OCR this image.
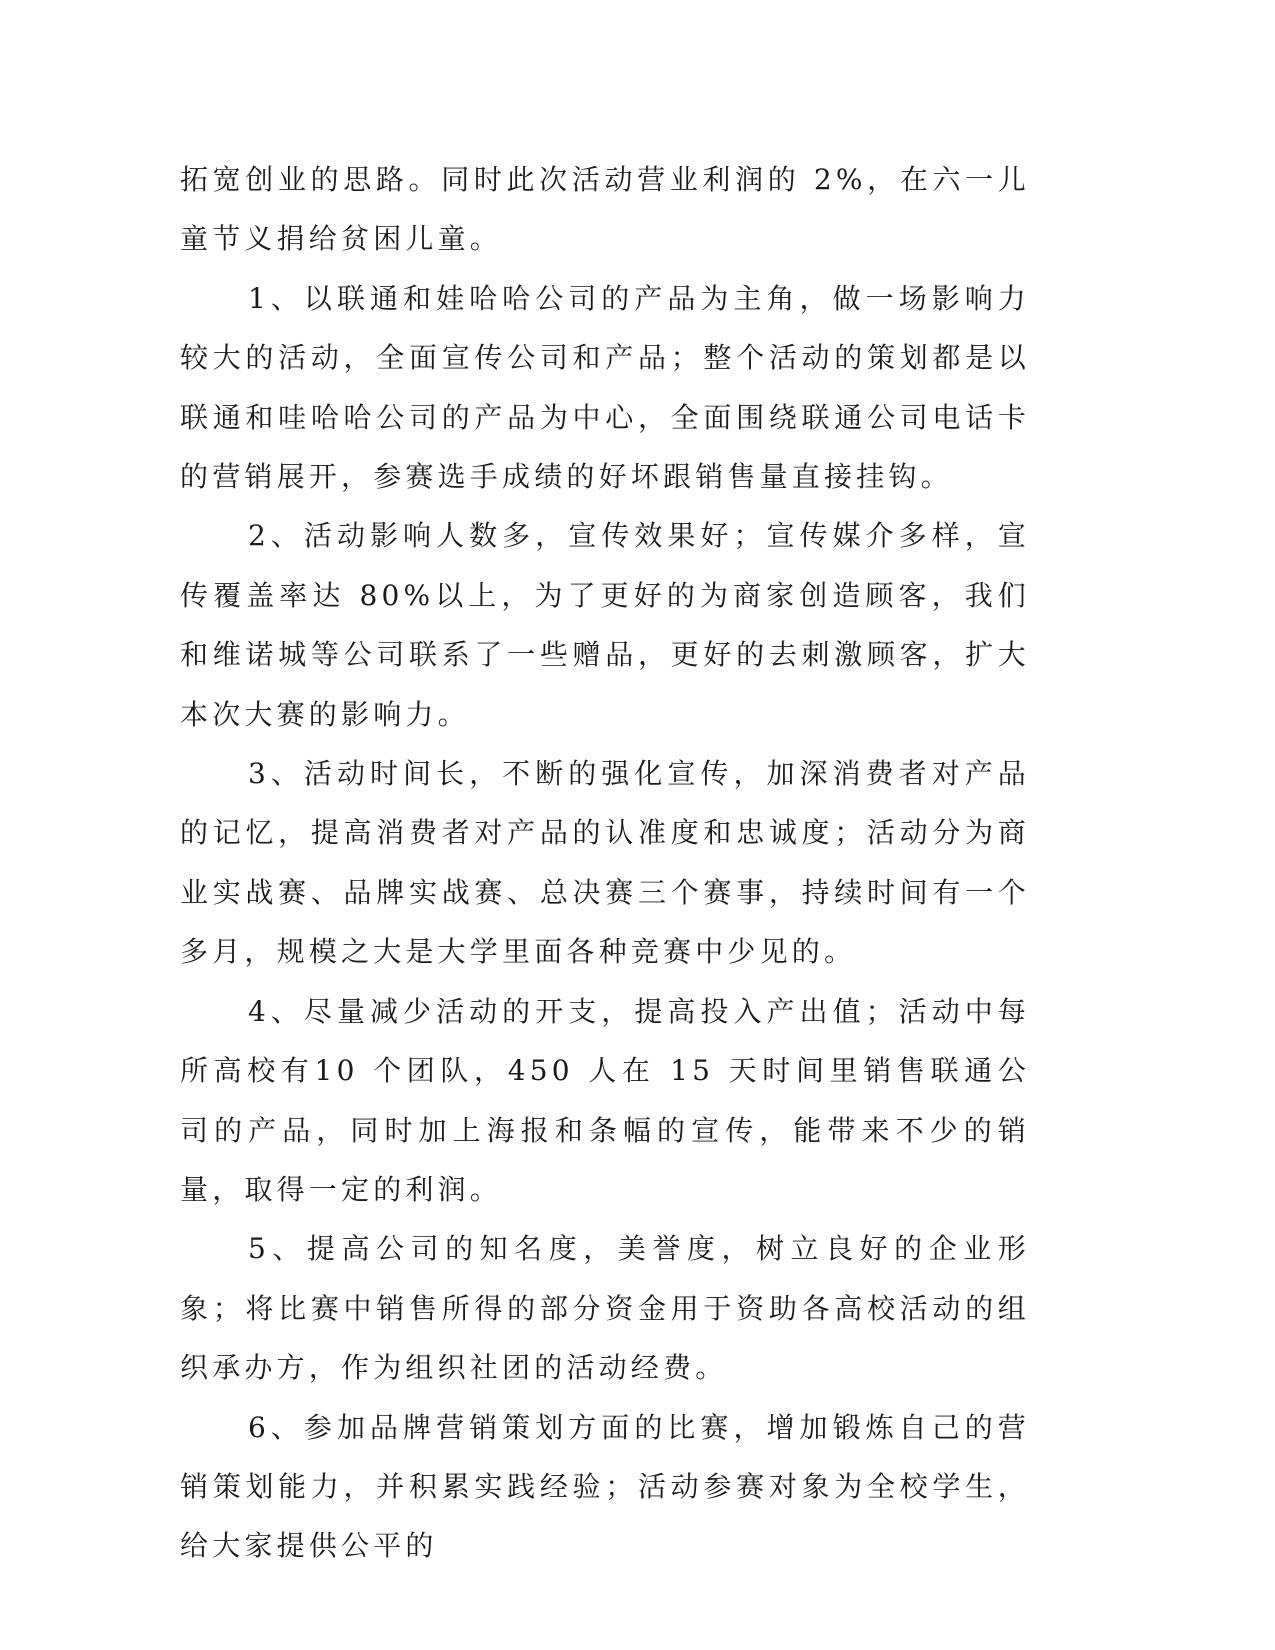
拓宽创业的思路。同时此次活动营业利润的 2%，在六一儿童节义捐给贫困儿童。

1、以联通和娃哈哈公司的产品为主角，做一场影响力较大的活动，全面宣传公司和产品；整个活动的策划都是以联通和哇哈哈公司的产品为中心，全面围绕联通公司电话卡的营销展开，参赛选手成绩的好坏跟销售量直接挂钩。

2、活动影响人数多，宣传效果好；宣传媒介多样，宣传覆盖率达 80%以上，为了更好的为商家创造顾客，我们和维诺城等公司联系了一些赠品，更好的去刺激顾客，扩大本次大赛的影响力。

3、活动时间长，不断的强化宣传，加深消费者对产品的记忆，提高消费者对产品的认准度和忠诚度；活动分为商业实战赛、品牌实战赛、总决赛三个赛事，持续时间有一个多月，规模之大是大学里面各种竞赛中少见的。

4、尽量减少活动的开支，提高投入产出值；活动中每所高校有10 个团队，450 人在 15 天时间里销售联通公司的产品，同时加上海报和条幅的宣传，能带来不少的销量，取得一定的利润。

5、提高公司的知名度，美誉度，树立良好的企业形象；将比赛中销售所得的部分资金用于资助各高校活动的组织承办方，作为组织社团的活动经费。

6、参加品牌营销策划方面的比赛，增加锻炼自己的营销策划能力，并积累实践经验；活动参赛对象为全校学生，给大家提供公平的
